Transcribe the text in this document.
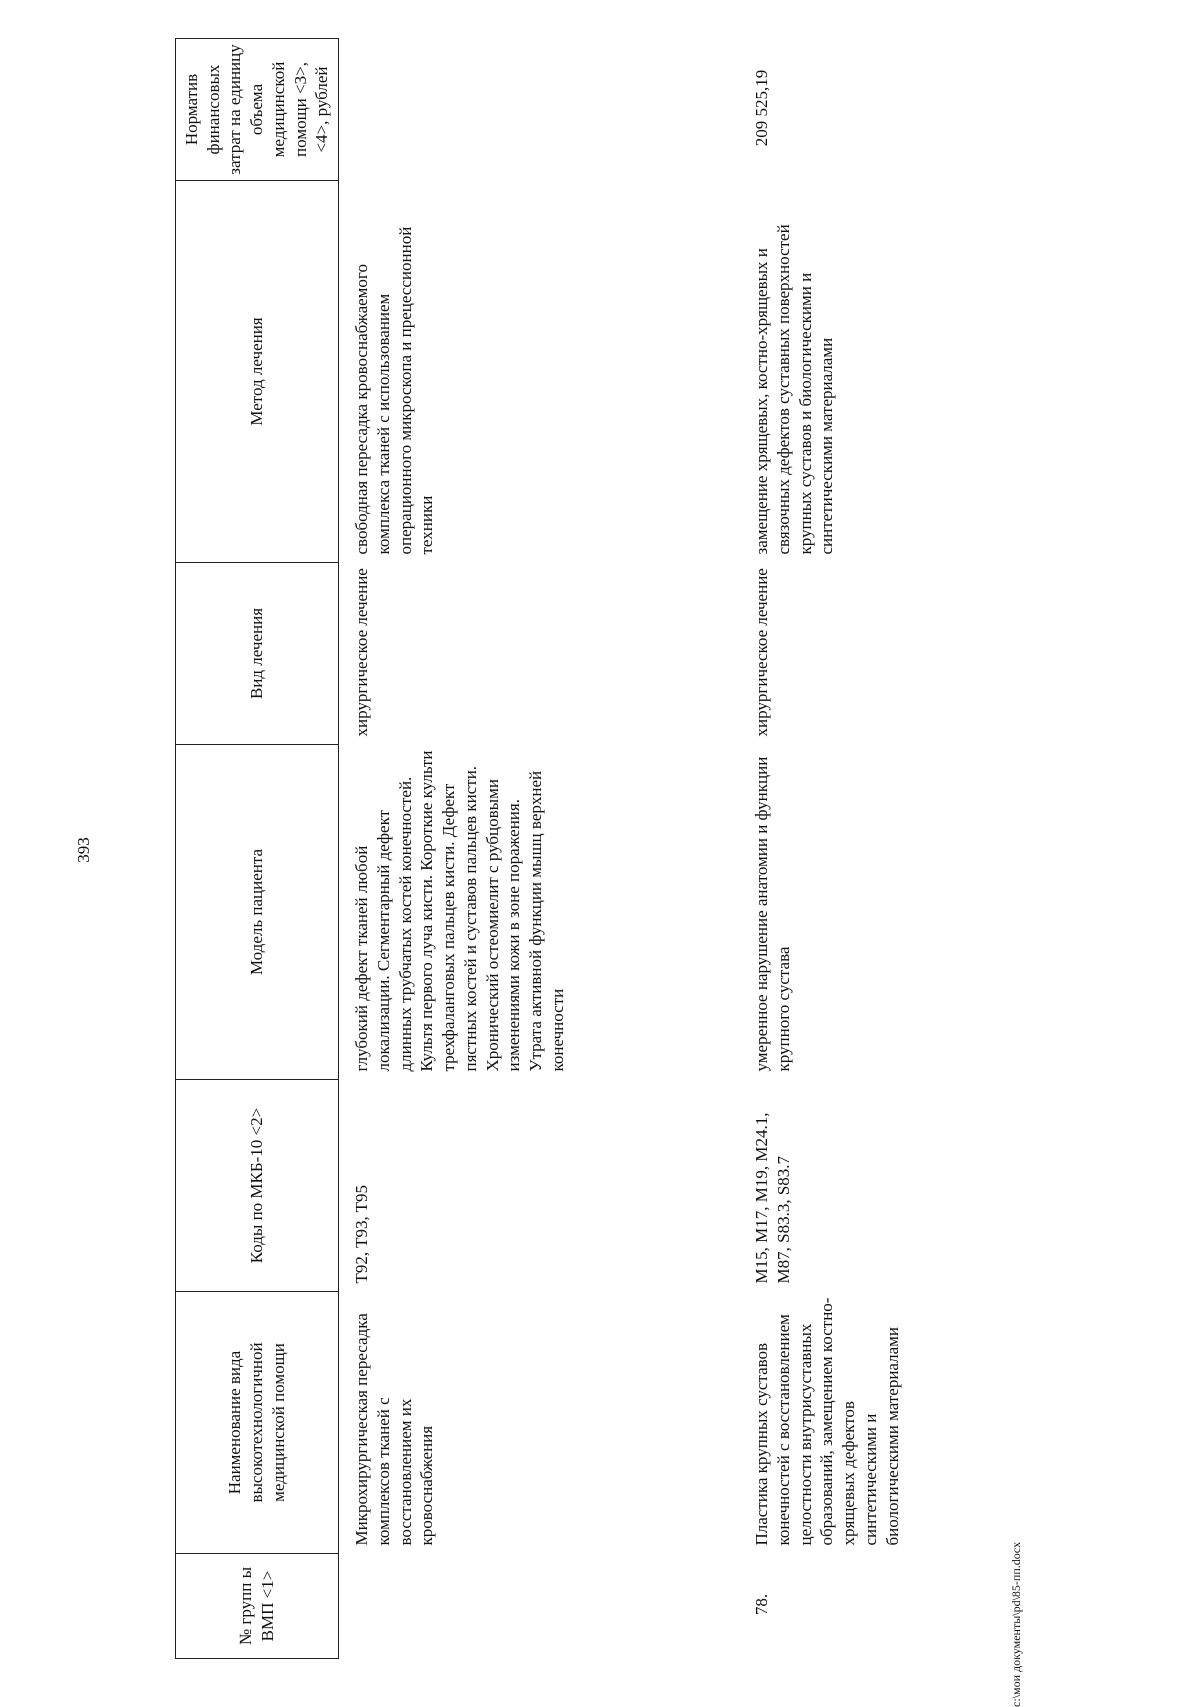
393
№ групп ы ВМП <1>	Наименование вида высокотехнологичной медицинской помощи	Коды по МКБ-10 <2>	Модель пациента	Вид лечения	Метод лечения	Норматив финансовых затрат на единицу объема медицинской помощи <3>, <4>, рублей
	Микрохирургическая пересадка комплексов тканей с восстановлением их кровоснабжения	T92, T93, T95	глубокий дефект тканей любой локализации. Сегментарный дефект длинных трубчатых костей конечностей. Культя первого луча кисти. Короткие культи трехфаланговых пальцев кисти. Дефект пястных костей и суставов пальцев кисти. Хронический остеомиелит с рубцовыми изменениями кожи в зоне поражения. Утрата активной функции мышц верхней конечности	хирургическое лечение	свободная пересадка кровоснабжаемого комплекса тканей с использованием операционного микроскопа и прецессионной техники	
78.	Пластика крупных суставов конечностей с восстановлением целостности внутрисуставных образований, замещением костно-хрящевых дефектов синтетическими и биологическими материалами	M15, M17, M19, M24.1, M87, S83.3, S83.7	умеренное нарушение анатомии и функции крупного сустава	хирургическое лечение	замещение хрящевых, костно-хрящевых и связочных дефектов суставных поверхностей крупных суставов и биологическими и синтетическими материалами	209 525,19
c:\мои документы\pd\85-пп.docx
